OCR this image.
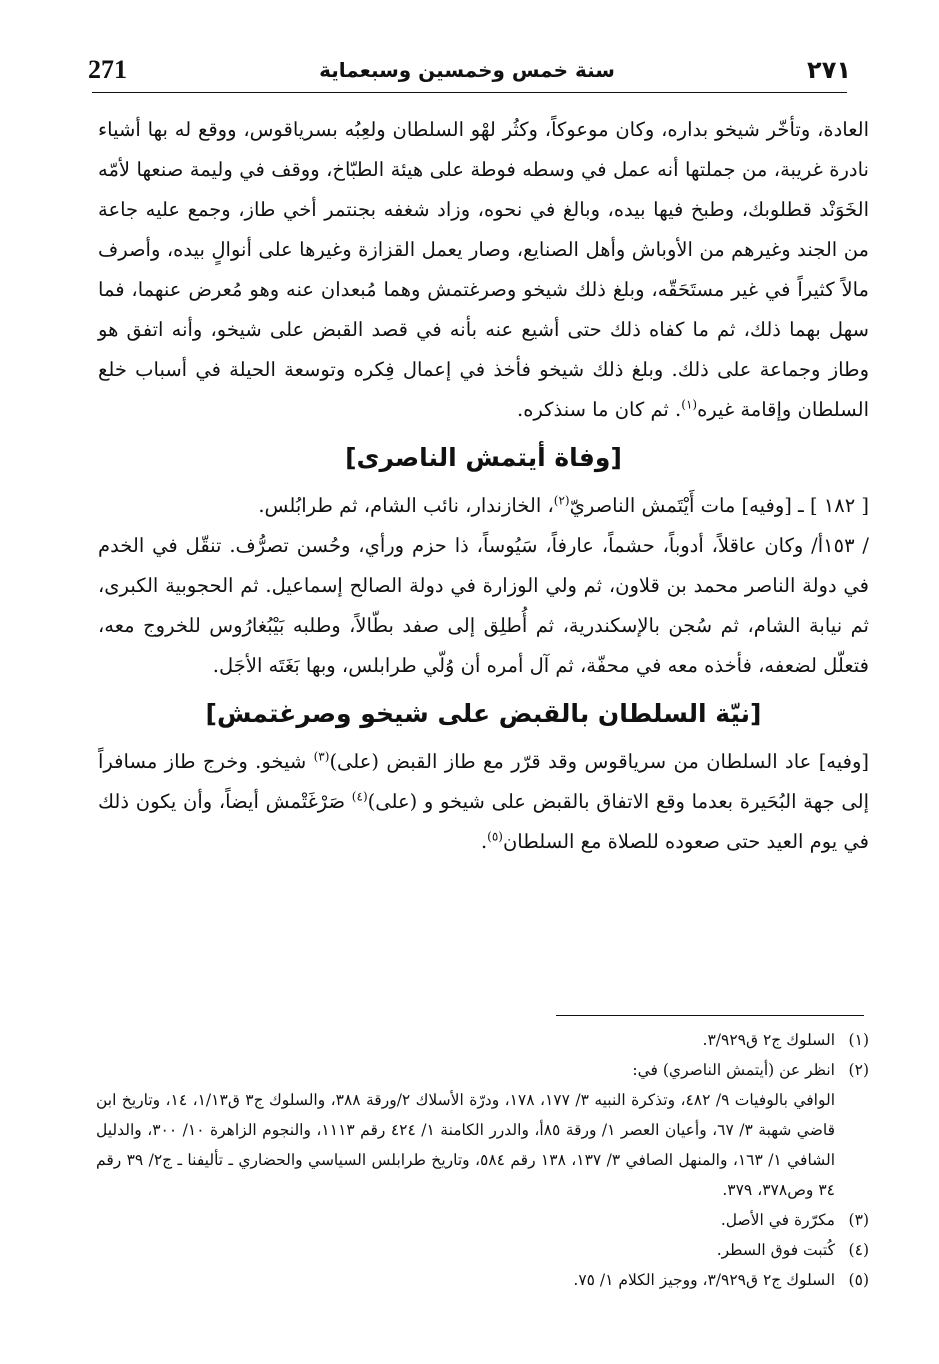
271	سنة خمس وخمسين وسبعماية	٢٧١

العادة، وتأخّر شيخو بداره، وكان موعوكاً، وكثُر لهْو السلطان ولعِبُه بسرياقوس، ووقع له بها أشياء نادرة غريبة، من جملتها أنه عمل في وسطه فوطة على هيئة الطبّاخ، ووقف في وليمة صنعها لأمّه الخَوَنْد قطلوبك، وطبخ فيها بيده، وبالغ في نحوه، وزاد شغفه بجنتمر أخي طاز، وجمع عليه جاعة من الجند وغيرهم من الأوباش وأهل الصنايع، وصار يعمل القزازة وغيرها على أنوالٍ بيده، وأصرف مالاً كثيراً في غير مستَحَقّه، وبلغ ذلك شيخو وصرغتمش وهما مُبعدان عنه وهو مُعرض عنهما، فما سهل بهما ذلك، ثم ما كفاه ذلك حتى أشيع عنه بأنه في قصد القبض على شيخو، وأنه اتفق هو وطاز وجماعة على ذلك. وبلغ ذلك شيخو فأخذ في إعمال فِكره وتوسعة الحيلة في أسباب خلع السلطان وإقامة غيره$^{(١)}$. ثم كان ما سنذكره.

[وفاة أيتمش الناصرى]

[ ١٨٢ ] ـ [وفيه] مات أَيْتَمش الناصريّ$^{(٢)}$، الخازندار، نائب الشام، ثم طرابُلس.

/ ١٥٣أ/ وكان عاقلاً، أدوباً، حشماً، عارفاً، سَيُوساً، ذا حزم ورأي، وحُسن تصرُّف. تنقّل في الخدم في دولة الناصر محمد بن قلاون، ثم ولي الوزارة في دولة الصالح إسماعيل. ثم الحجوبية الكبرى، ثم نيابة الشام، ثم سُجن بالإسكندرية، ثم أُطلِق إلى صفد بطّالاً، وطلبه بَيْبُغارُوس للخروج معه، فتعلّل لضعفه، فأخذه معه في محفّة، ثم آل أمره أن وُلّي طرابلس، وبها بَغَتَه الأجَل.

[نيّة السلطان بالقبض على شيخو وصرغتمش]

[وفيه] عاد السلطان من سرياقوس وقد قرّر مع طاز القبض (على)$^{(٣)}$ شيخو. وخرج طاز مسافراً إلى جهة البُحَيرة بعدما وقع الاتفاق بالقبض على شيخو و (على)$^{(٤)}$ صَرْغَتْمش أيضاً، وأن يكون ذلك في يوم العيد حتى صعوده للصلاة مع السلطان$^{(٥)}$.

(١)
السلوك ج٢ ق٣/٩٢٩.
(٢)
انظر عن (أيتمش الناصري) في:
الوافي بالوفيات ٩/ ٤٨٢، وتذكرة النبيه ٣/ ١٧٧، ١٧٨، ودرّة الأسلاك ٢/ورقة ٣٨٨، والسلوك ج٣ ق١/١٣، ١٤، وتاريخ ابن قاضي شهبة ٣/ ٦٧، وأعيان العصر ١/ ورقة ٨٥أ، والدرر الكامنة ١/ ٤٢٤ رقم ١١١٣، والنجوم الزاهرة ١٠/ ٣٠٠، والدليل الشافي ١/ ١٦٣، والمنهل الصافي ٣/ ١٣٧، ١٣٨ رقم ٥٨٤، وتاريخ طرابلس السياسي والحضاري ـ تأليفنا ـ ج٢/ ٣٩ رقم ٣٤ وص٣٧٨، ٣٧٩.
(٣)
مكرّرة في الأصل.
(٤)
كُتبت فوق السطر.
(٥)
السلوك ج٢ ق٣/٩٢٩، ووجيز الكلام ١/ ٧٥.
